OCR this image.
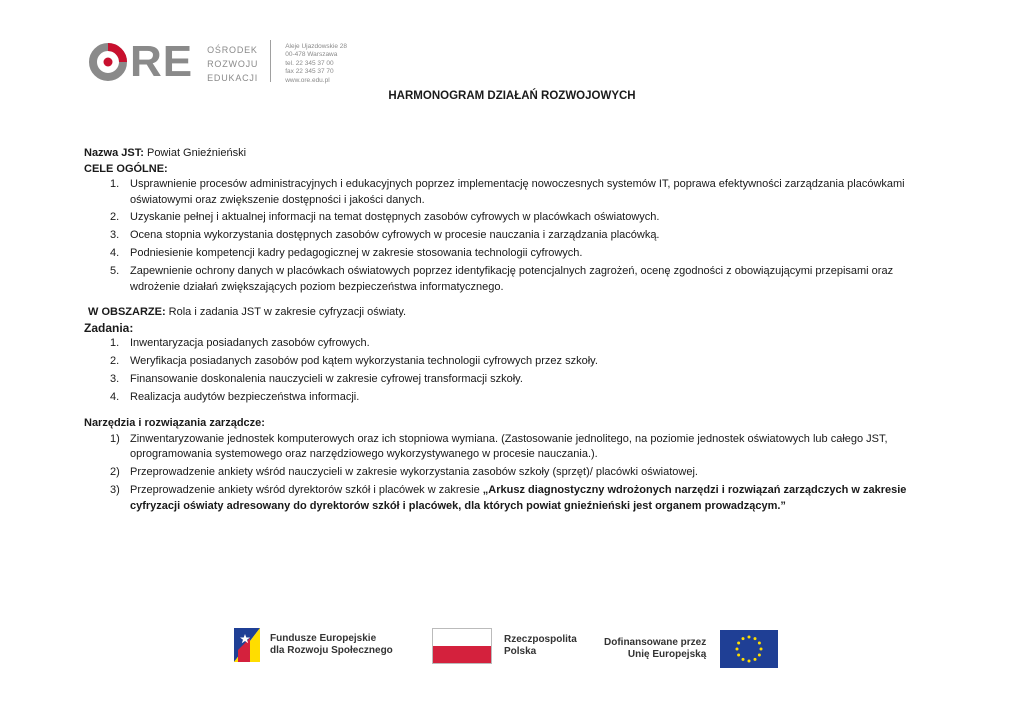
RE OŚRODEK
ROZWOJU
EDUKACJI
Aleje Ujazdowskie 28
00-478 Warszawa
tel. 22 345 37 00
fax 22 345 37 70
www.ore.edu.pl
HARMONOGRAM DZIAŁAŃ ROZWOJOWYCH

Nazwa JST: Powiat Gnieźnieński

CELE OGÓLNE:

1. Usprawnienie procesów administracyjnych i edukacyjnych poprzez implementację nowoczesnych systemów IT, poprawa efektywności zarządzania placówkami oświatowymi oraz zwiększenie dostępności i jakości danych.
2. Uzyskanie pełnej i aktualnej informacji na temat dostępnych zasobów cyfrowych w placówkach oświatowych.
3. Ocena stopnia wykorzystania dostępnych zasobów cyfrowych w procesie nauczania i zarządzania placówką.
4. Podniesienie kompetencji kadry pedagogicznej w zakresie stosowania technologii cyfrowych.
5. Zapewnienie ochrony danych w placówkach oświatowych poprzez identyfikację potencjalnych zagrożeń, ocenę zgodności z obowiązującymi przepisami oraz wdrożenie działań zwiększających poziom bezpieczeństwa informatycznego.

W OBSZARZE: Rola i zadania JST w zakresie cyfryzacji oświaty.

Zadania:

1. Inwentaryzacja posiadanych zasobów cyfrowych.
2. Weryfikacja posiadanych zasobów pod kątem wykorzystania technologii cyfrowych przez szkoły.
3. Finansowanie doskonalenia nauczycieli w zakresie cyfrowej transformacji szkoły.
4. Realizacja audytów bezpieczeństwa informacji.

Narzędzia i rozwiązania zarządcze:

1) Zinwentaryzowanie jednostek komputerowych oraz ich stopniowa wymiana. (Zastosowanie jednolitego, na poziomie jednostek oświatowych lub całego JST, oprogramowania systemowego oraz narzędziowego wykorzystywanego w procesie nauczania.).
2) Przeprowadzenie ankiety wśród nauczycieli w zakresie wykorzystania zasobów szkoły (sprzęt)/ placówki oświatowej.
3) Przeprowadzenie ankiety wśród dyrektorów szkół i placówek w zakresie „Arkusz diagnostyczny wdrożonych narzędzi i rozwiązań zarządczych w zakresie cyfryzacji oświaty adresowany do dyrektorów szkół i placówek, dla których powiat gnieźnieński jest organem prowadzącym.”
Fundusze Europejskie
dla Rozwoju Społecznego
Rzeczpospolita
Polska
Dofinansowane przez
Unię Europejską
